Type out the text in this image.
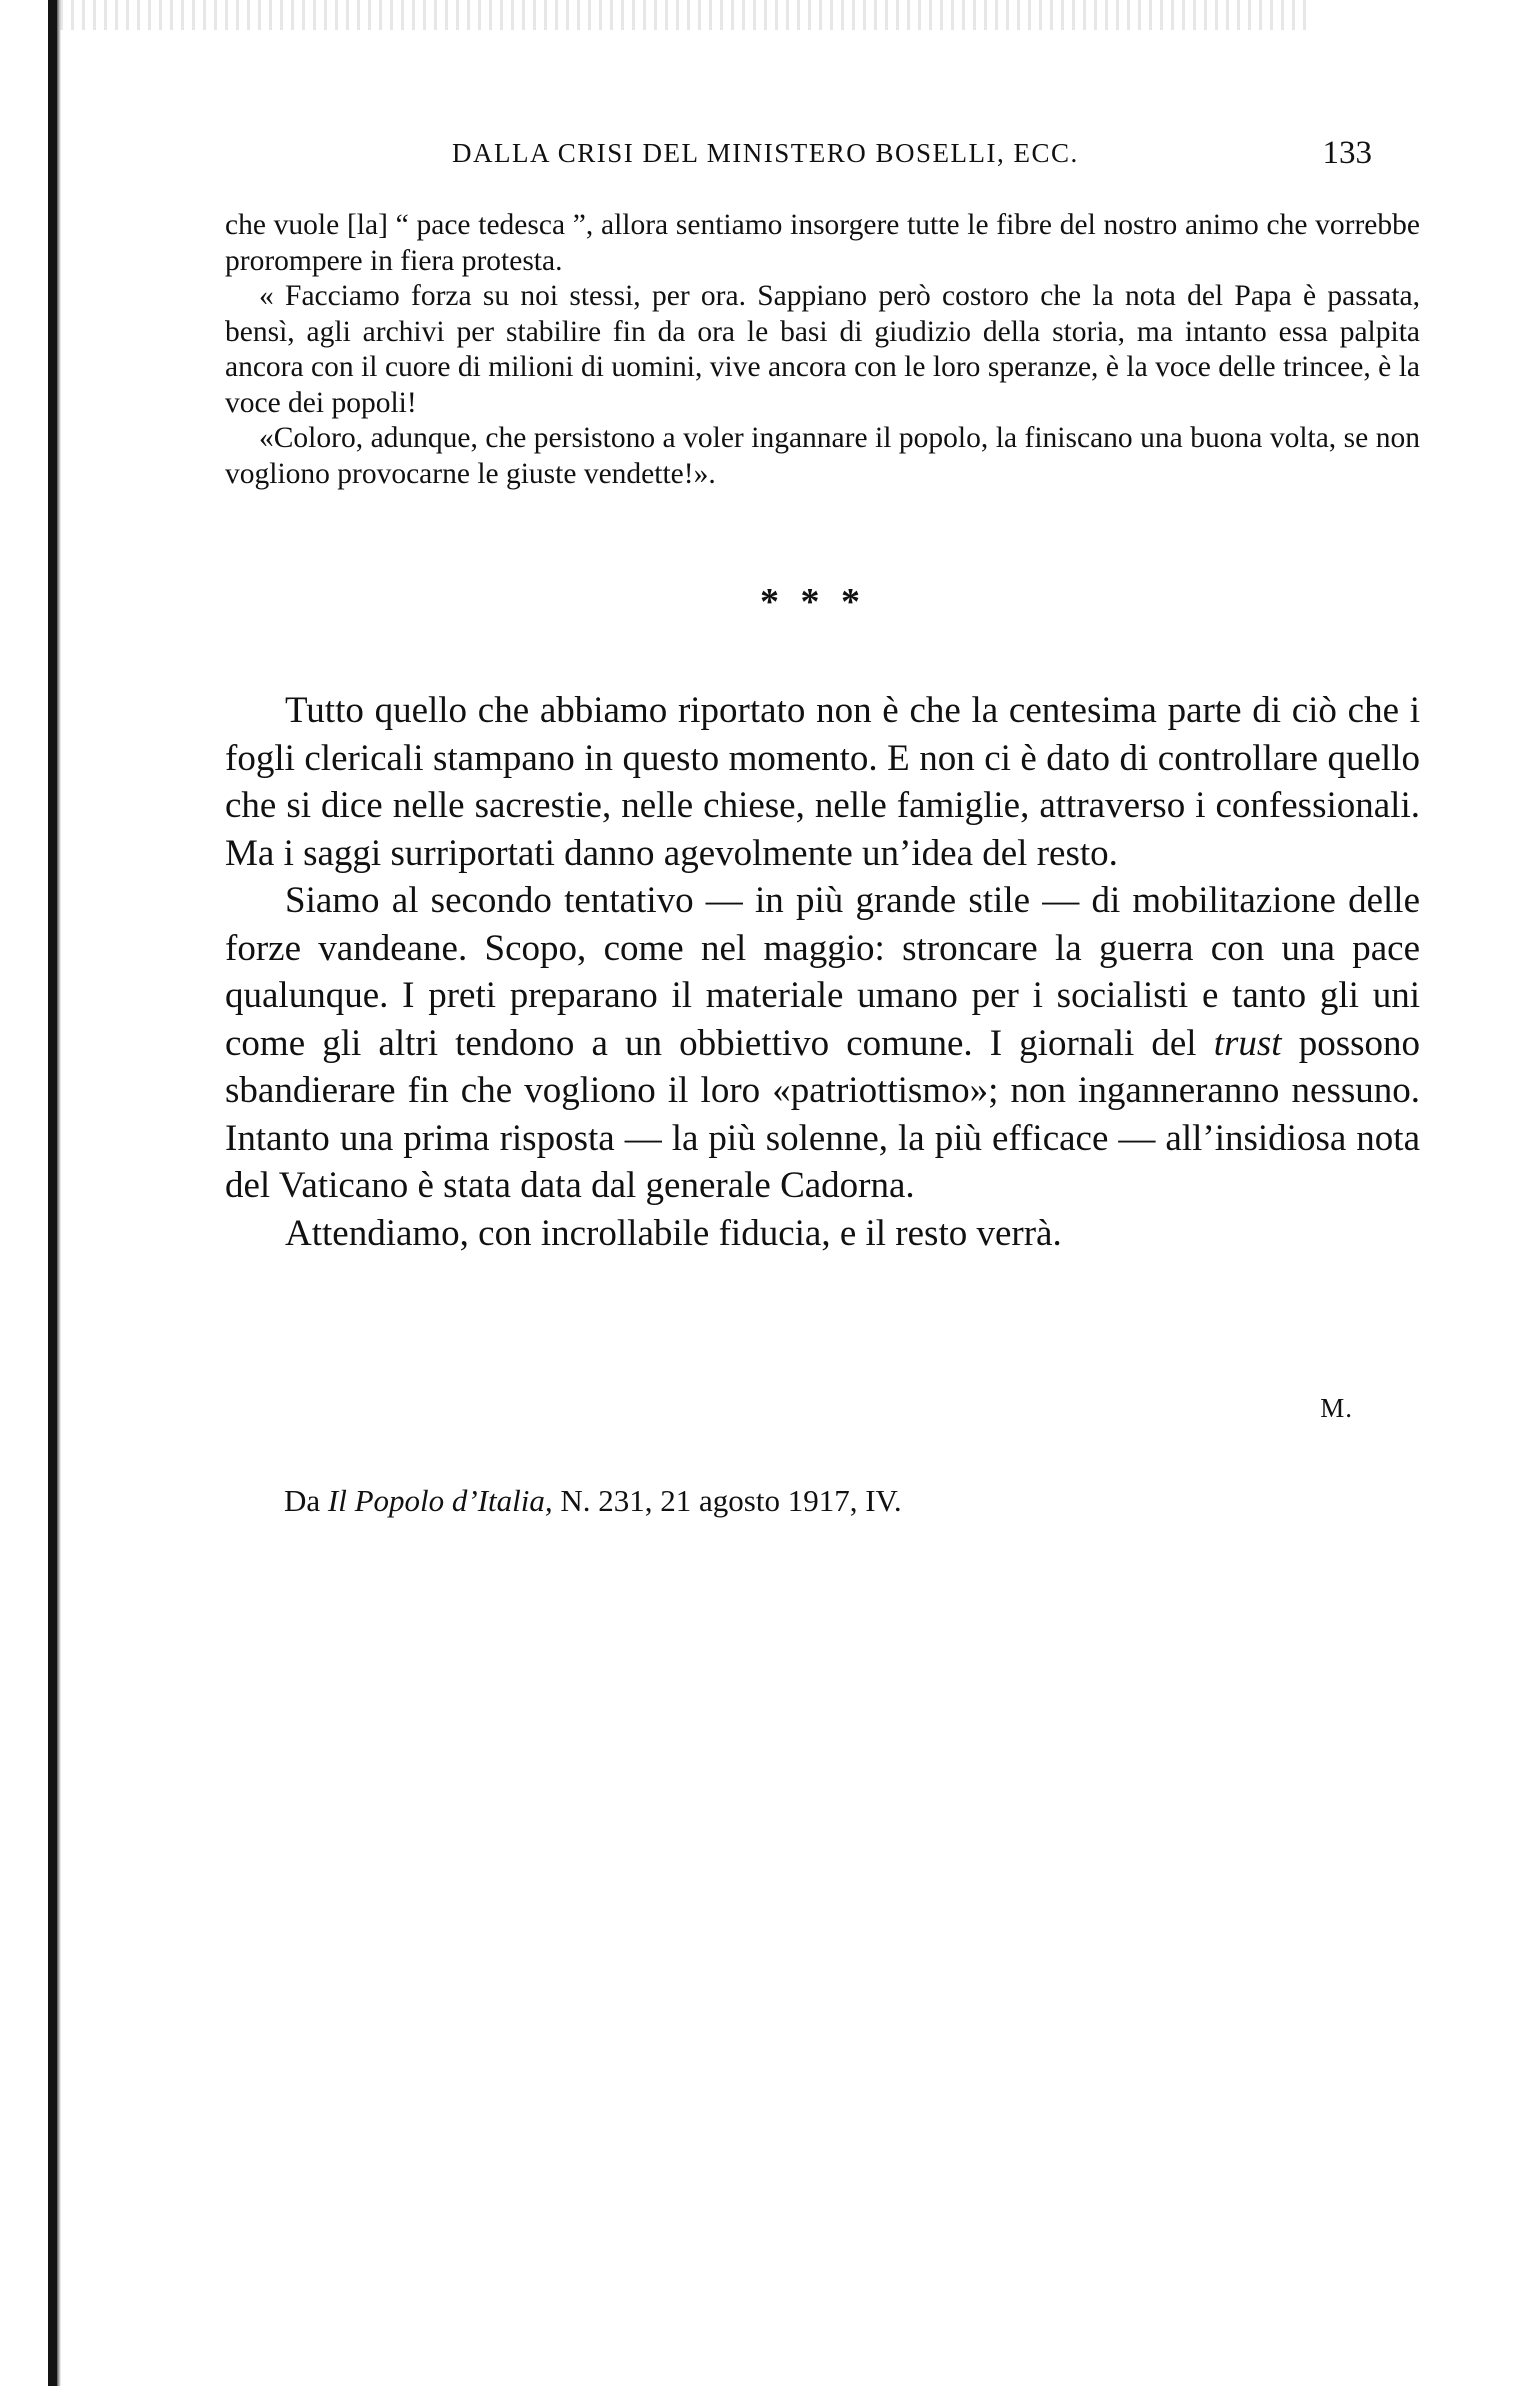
DALLA CRISI DEL MINISTERO BOSELLI, ECC.	133

che vuole [la] “ pace tedesca ”, allora sentiamo insorgere tutte le fibre del nostro animo che vorrebbe prorompere in fiera protesta.

« Facciamo forza su noi stessi, per ora. Sappiano però costoro che la nota del Papa è passata, bensì, agli archivi per stabilire fin da ora le basi di giudizio della storia, ma intanto essa palpita ancora con il cuore di milioni di uomini, vive ancora con le loro speranze, è la voce delle trincee, è la voce dei popoli!

«Coloro, adunque, che persistono a voler ingannare il popolo, la finiscano una buona volta, se non vogliono provocarne le giuste vendette!».

* * *

Tutto quello che abbiamo riportato non è che la centesima parte di ciò che i fogli clericali stampano in questo momento. E non ci è dato di controllare quello che si dice nelle sacrestie, nelle chiese, nelle famiglie, attraverso i confessionali. Ma i saggi surriportati danno agevolmente un’idea del resto.

Siamo al secondo tentativo — in più grande stile — di mobilitazione delle forze vandeane. Scopo, come nel maggio: stroncare la guerra con una pace qualunque. I preti preparano il materiale umano per i socialisti e tanto gli uni come gli altri tendono a un obbiettivo comune. I giornali del trust possono sbandierare fin che vogliono il loro «patriottismo»; non inganneranno nessuno. Intanto una prima risposta — la più solenne, la più efficace — all’insidiosa nota del Vaticano è stata data dal generale Cadorna.

Attendiamo, con incrollabile fiducia, e il resto verrà.

M.
Da Il Popolo d’Italia, N. 231, 21 agosto 1917, IV.
